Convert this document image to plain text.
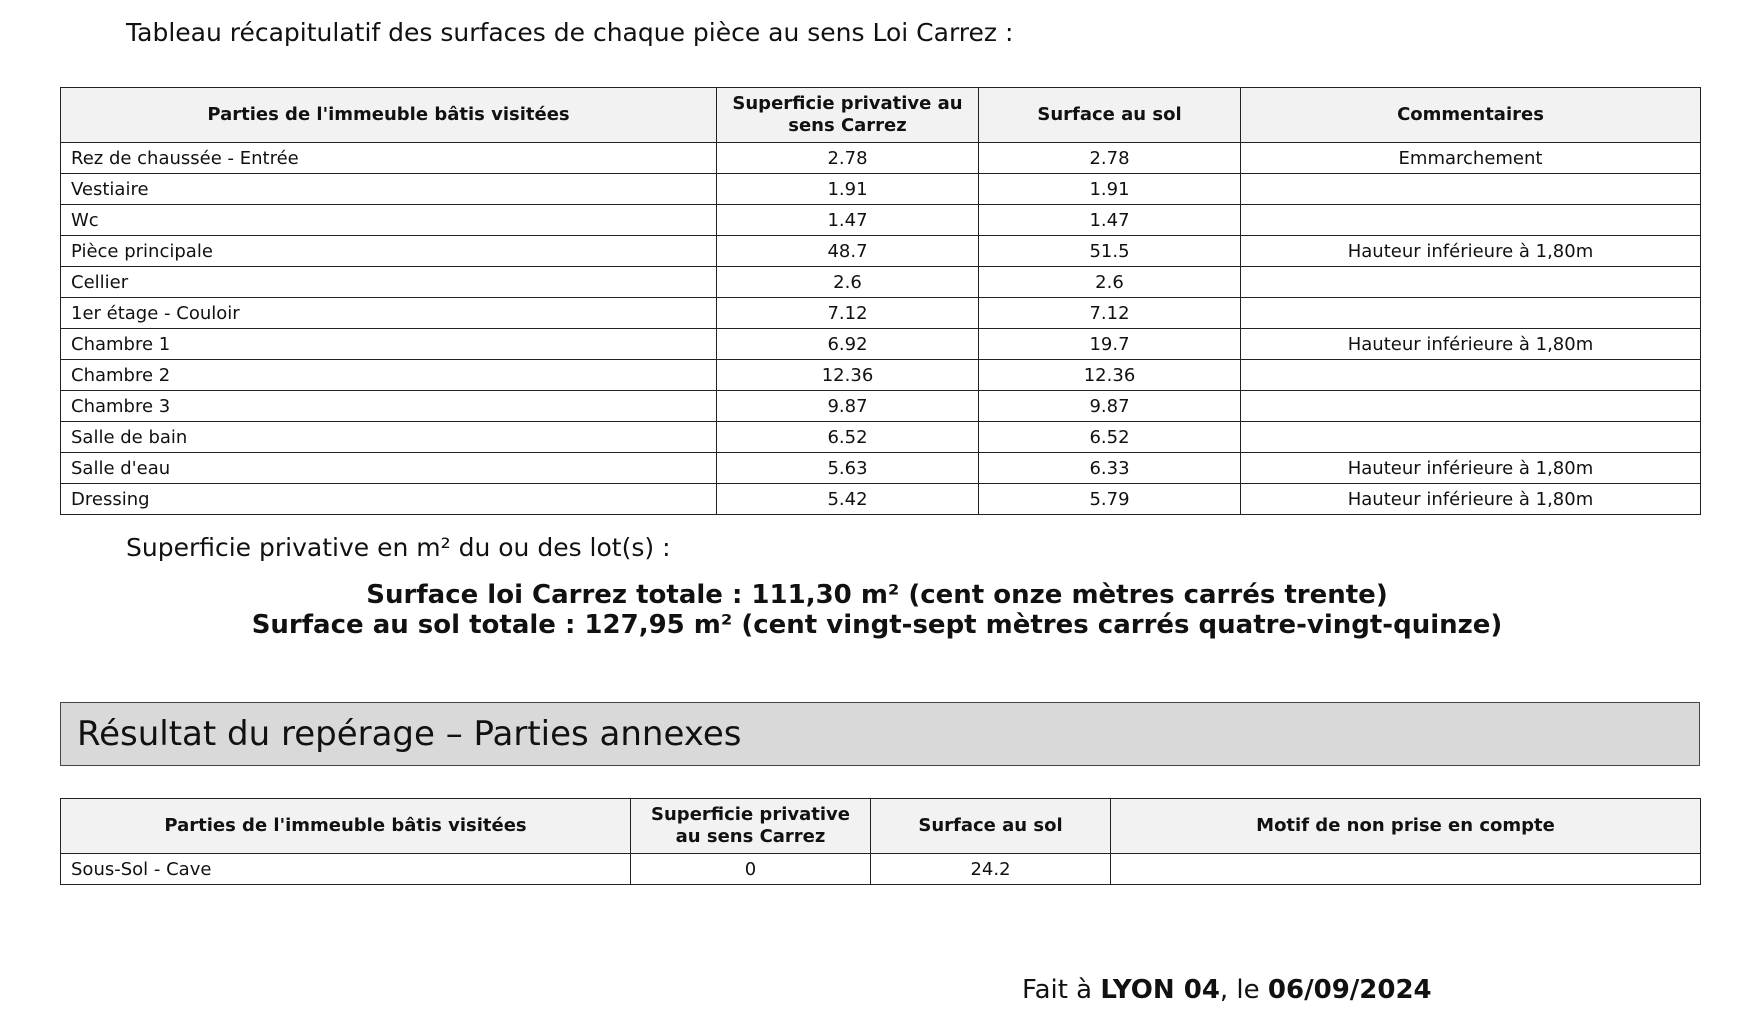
Tableau récapitulatif des surfaces de chaque pièce au sens Loi Carrez :

Parties de l'immeuble bâtis visitées	Superficie privative au sens Carrez	Surface au sol	Commentaires
Rez de chaussée - Entrée	2.78	2.78	Emmarchement
Vestiaire	1.91	1.91	
Wc	1.47	1.47	
Pièce principale	48.7	51.5	Hauteur inférieure à 1,80m
Cellier	2.6	2.6	
1er étage - Couloir	7.12	7.12	
Chambre 1	6.92	19.7	Hauteur inférieure à 1,80m
Chambre 2	12.36	12.36	
Chambre 3	9.87	9.87	
Salle de bain	6.52	6.52	
Salle d'eau	5.63	6.33	Hauteur inférieure à 1,80m
Dressing	5.42	5.79	Hauteur inférieure à 1,80m

Superficie privative en m² du ou des lot(s) :

Surface loi Carrez totale : 111,30 m² (cent onze mètres carrés trente)
Surface au sol totale : 127,95 m² (cent vingt-sept mètres carrés quatre-vingt-quinze)
Résultat du repérage – Parties annexes
Parties de l'immeuble bâtis visitées	Superficie privative au sens Carrez	Surface au sol	Motif de non prise en compte
Sous-Sol - Cave	0	24.2	
Fait à LYON 04, le 06/09/2024
